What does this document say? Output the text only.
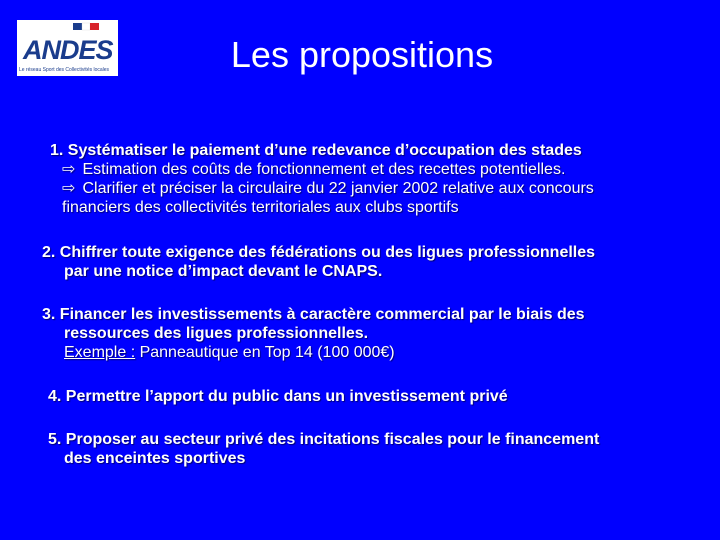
ANDES
Le réseau Sport des Collectivités locales	Les propositions
1. Systématiser le paiement d’une redevance d’occupation des stades
⇨ Estimation des coûts de fonctionnement et des recettes potentielles.
⇨ Clarifier et préciser la circulaire du 22 janvier 2002 relative aux concours
financiers des collectivités territoriales aux clubs sportifs
2. Chiffrer toute exigence des fédérations ou des ligues professionnelles
par une notice d’impact devant le CNAPS.
3. Financer les investissements à caractère commercial par le biais des
ressources des ligues professionnelles.
Exemple : Panneautique en Top 14 (100 000€)
4. Permettre l’apport du public dans un investissement privé
5. Proposer au secteur privé des incitations fiscales pour le financement
des enceintes sportives
